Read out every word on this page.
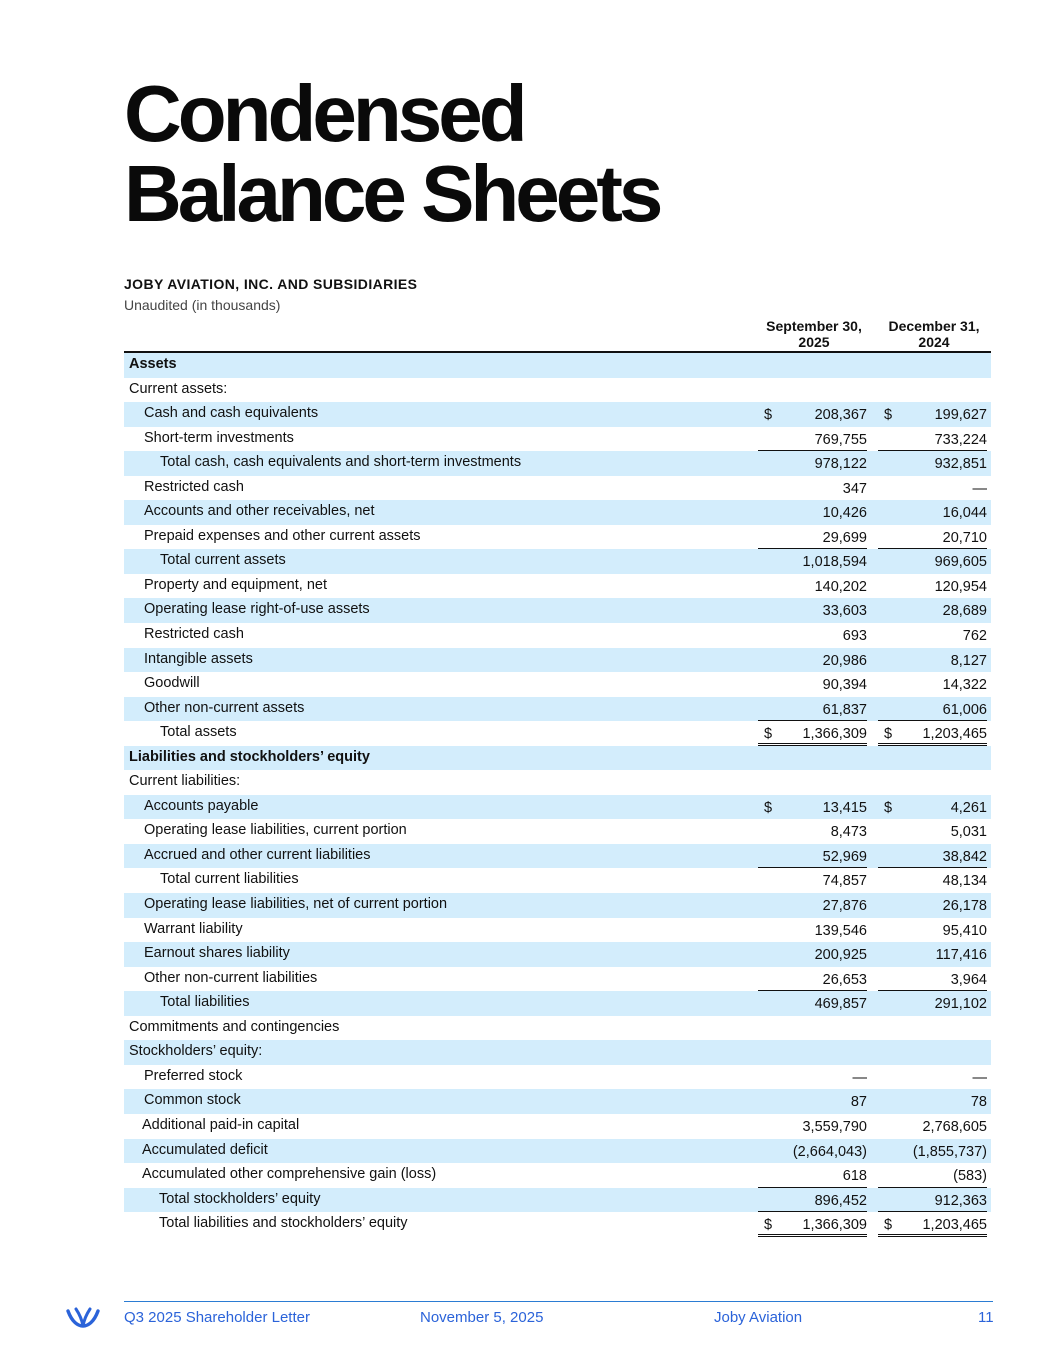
Condensed
Balance Sheets
JOBY AVIATION, INC. AND SUBSIDIARIES
Unaudited (in thousands)
September 30,
2025
December 31,
2024
Assets
Current assets:
Cash and cash equivalents	$	208,367 $	199,627
Short-term investments	769,755	733,224
Total cash, cash equivalents and short-term investments	978,122	932,851
Restricted cash	347	—
Accounts and other receivables, net	10,426	16,044
Prepaid expenses and other current assets	29,699	20,710
Total current assets	1,018,594	969,605
Property and equipment, net	140,202	120,954
Operating lease right-of-use assets	33,603	28,689
Restricted cash	693	762
Intangible assets	20,986	8,127
Goodwill	90,394	14,322
Other non-current assets	61,837	61,006
Total assets	$ 1,366,309 $ 1,203,465
Liabilities and stockholders’ equity
Current liabilities:
Accounts payable	$	13,415 $	4,261
Operating lease liabilities, current portion	8,473	5,031
Accrued and other current liabilities	52,969	38,842
Total current liabilities	74,857	48,134
Operating lease liabilities, net of current portion	27,876	26,178
Warrant liability	139,546	95,410
Earnout shares liability	200,925	117,416
Other non-current liabilities	26,653	3,964
Total liabilities	469,857	291,102
Commitments and contingencies
Stockholders’ equity:
Preferred stock	—	—
Common stock	87	78
Additional paid-in capital	3,559,790	2,768,605
Accumulated deficit	(2,664,043)	(1,855,737)
Accumulated other comprehensive gain (loss)	618	(583)
Total stockholders’ equity	896,452	912,363
Total liabilities and stockholders’ equity	$ 1,366,309 $ 1,203,465
Q3 2025 Shareholder Letter	November 5, 2025	Joby Aviation	11
